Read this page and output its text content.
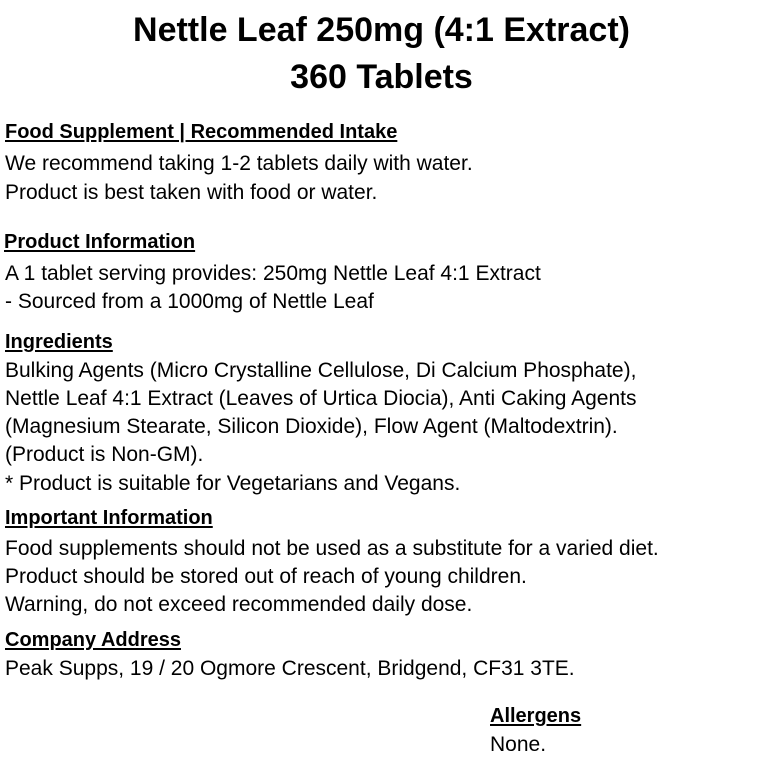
Nettle Leaf 250mg (4:1 Extract)
360 Tablets
Food Supplement | Recommended Intake
We recommend taking 1-2 tablets daily with water.
Product is best taken with food or water.
Product Information
A 1 tablet serving provides: 250mg Nettle Leaf 4:1 Extract
- Sourced from a 1000mg of Nettle Leaf
Ingredients
Bulking Agents (Micro Crystalline Cellulose, Di Calcium Phosphate),
Nettle Leaf 4:1 Extract (Leaves of Urtica Diocia), Anti Caking Agents
(Magnesium Stearate, Silicon Dioxide), Flow Agent (Maltodextrin).
(Product is Non-GM).
* Product is suitable for Vegetarians and Vegans.
Important Information
Food supplements should not be used as a substitute for a varied diet.
Product should be stored out of reach of young children.
Warning, do not exceed recommended daily dose.
Company Address
Peak Supps, 19 / 20 Ogmore Crescent, Bridgend, CF31 3TE.
Allergens
None.
